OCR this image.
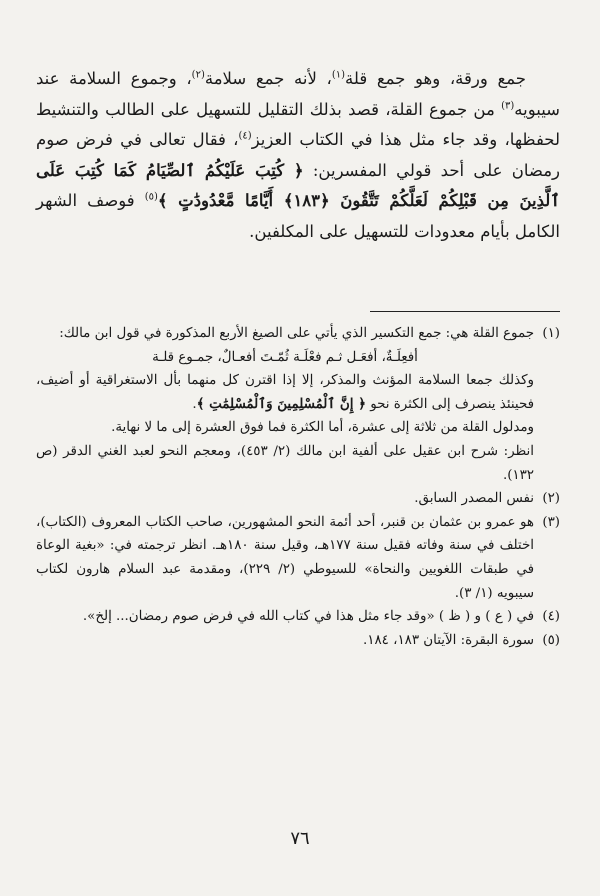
جمع ورقة، وهو جمع قلة$^{(١)}$، لأنه جمع سلامة$^{(٢)}$، وجموع السلامة عند سيبويه$^{(٣)}$ من جموع القلة، قصد بذلك التقليل للتسهيل على الطالب والتنشيط لحفظها، وقد جاء مثل هذا في الكتاب العزيز$^{(٤)}$، فقال تعالى في فرض صوم رمضان على أحد قولي المفسرين: ﴿ كُتِبَ عَلَيْكُمُ ٱلصِّيَامُ كَمَا كُتِبَ عَلَى ٱلَّذِينَ مِن قَبْلِكُمْ لَعَلَّكُمْ تَتَّقُونَ ﴿١٨٣﴾ أَيَّامًا مَّعْدُودَٰتٍ ﴾$^{(٥)}$ فوصف الشهر الكامل بأيام معدودات للتسهيل على المكلفين.

(١)

جموع القلة هي: جمع التكسير الذي يأتي على الصيغ الأربع المذكورة في قول ابن مالك:

أفعِلَـةٌ، أفعَـل ثـم فعْلَـة ثُمّـتَ أفعـالٌ، جمـوع قلـة

وكذلك جمعا السلامة المؤنث والمذكر، إلا إذا اقترن كل منهما بأل الاستغراقية أو أضيف، فحينئذ ينصرف إلى الكثرة نحو ﴿ إِنَّ ٱلْمُسْلِمِينَ وَٱلْمُسْلِمَٰتِ ﴾.

ومدلول القلة من ثلاثة إلى عشرة، أما الكثرة فما فوق العشرة إلى ما لا نهاية.

انظر: شرح ابن عقيل على ألفية ابن مالك (٢/ ٤٥٣)، ومعجم النحو لعبد الغني الدقر (ص ١٣٢).

(٢)

نفس المصدر السابق.

(٣)

هو عمرو بن عثمان بن قنبر، أحد أئمة النحو المشهورين، صاحب الكتاب المعروف (الكتاب)، اختلف في سنة وفاته فقيل سنة ١٧٧هـ، وقيل سنة ١٨٠هـ. انظر ترجمته في: «بغية الوعاة في طبقات اللغويين والنحاة» للسيوطي (٢/ ٢٢٩)، ومقدمة عبد السلام هارون لكتاب سيبويه (١/ ٣).

(٤)

في ( ع ) و ( ظ ) «وقد جاء مثل هذا في كتاب الله في فرض صوم رمضان... إلخ».

(٥)

سورة البقرة: الآيتان ١٨٣، ١٨٤.

٧٦
